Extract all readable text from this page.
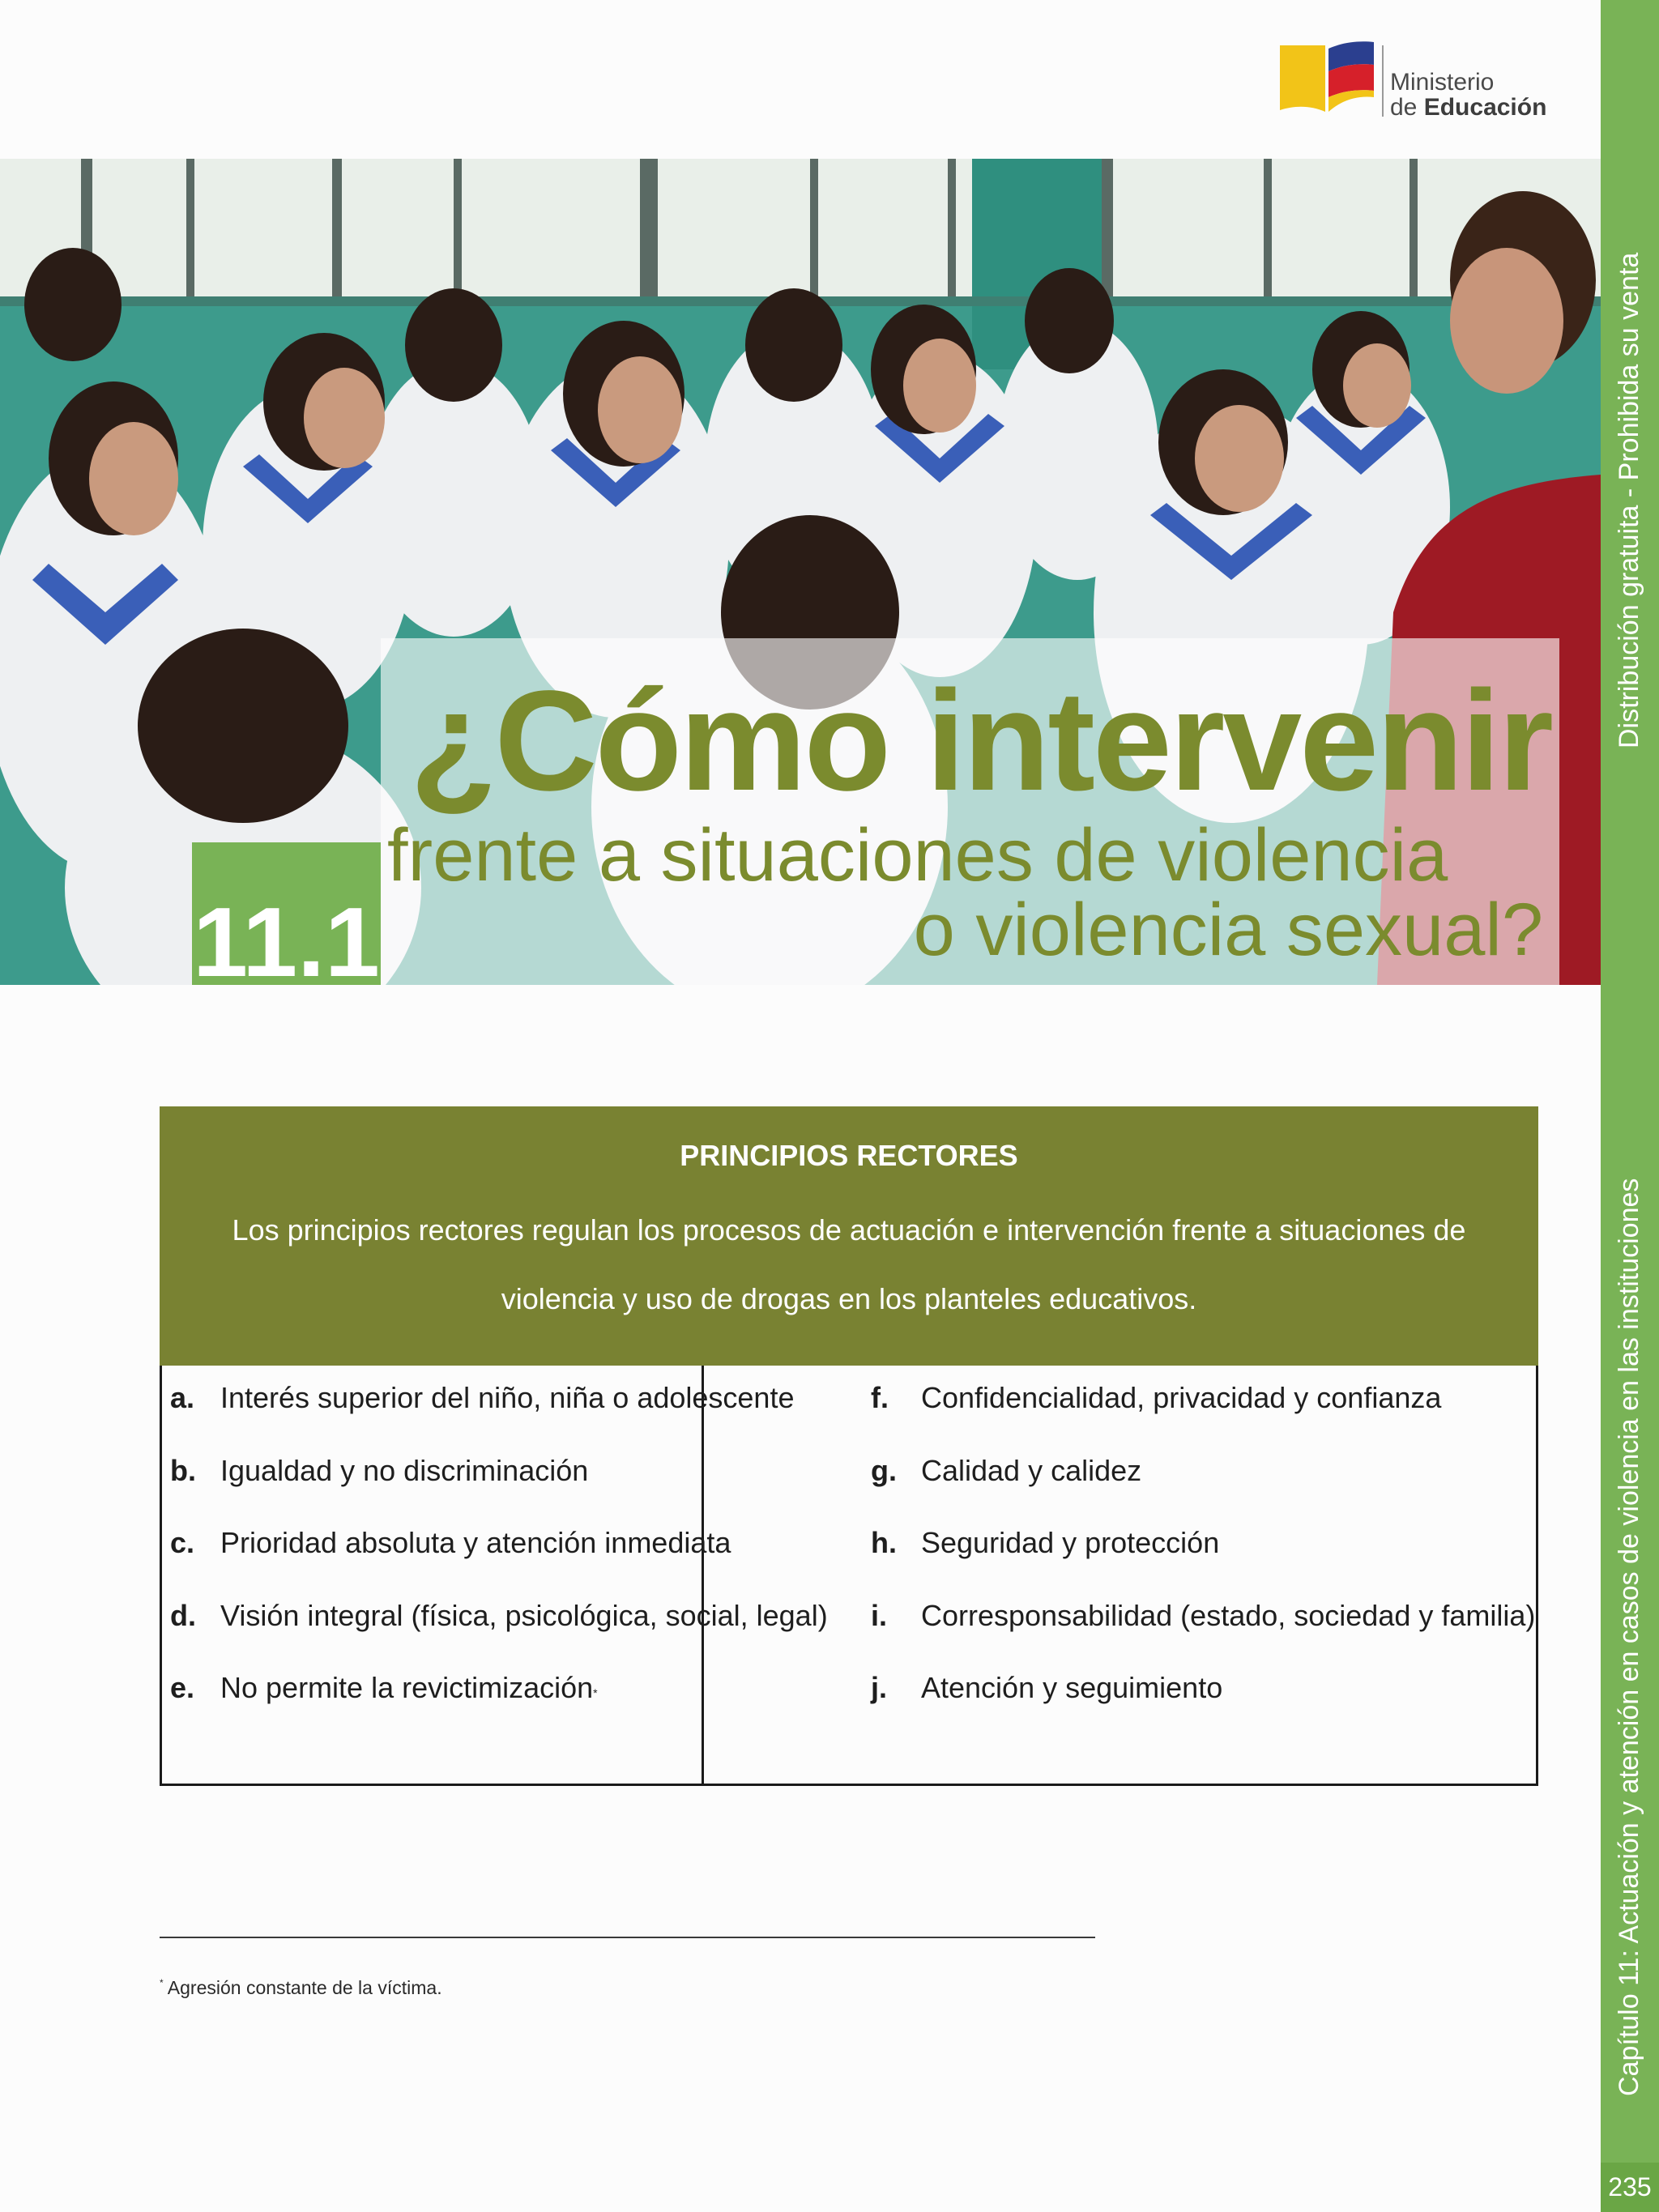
Ministerio
de Educación
¿Cómo intervenir
frente a situaciones de violencia
o violencia sexual?
11.1
PRINCIPIOS RECTORES
Los principios rectores regulan los procesos de actuación e intervención frente a situaciones de violencia y uso de drogas en los planteles educativos.
a. Interés superior del niño, niña o adolescente
b. Igualdad y no discriminación
c. Prioridad absoluta y atención inmediata
d. Visión integral (física, psicológica, social, legal)
e. No permite la revictimización*
f. Confidencialidad, privacidad y confianza
g. Calidad y calidez
h. Seguridad y protección
i. Corresponsabilidad (estado, sociedad y familia)
j. Atención y seguimiento
* Agresión constante de la víctima.
Distribución gratuita - Prohibida su venta
Capítulo 11: Actuación y atención en casos de violencia en las instituciones
235
